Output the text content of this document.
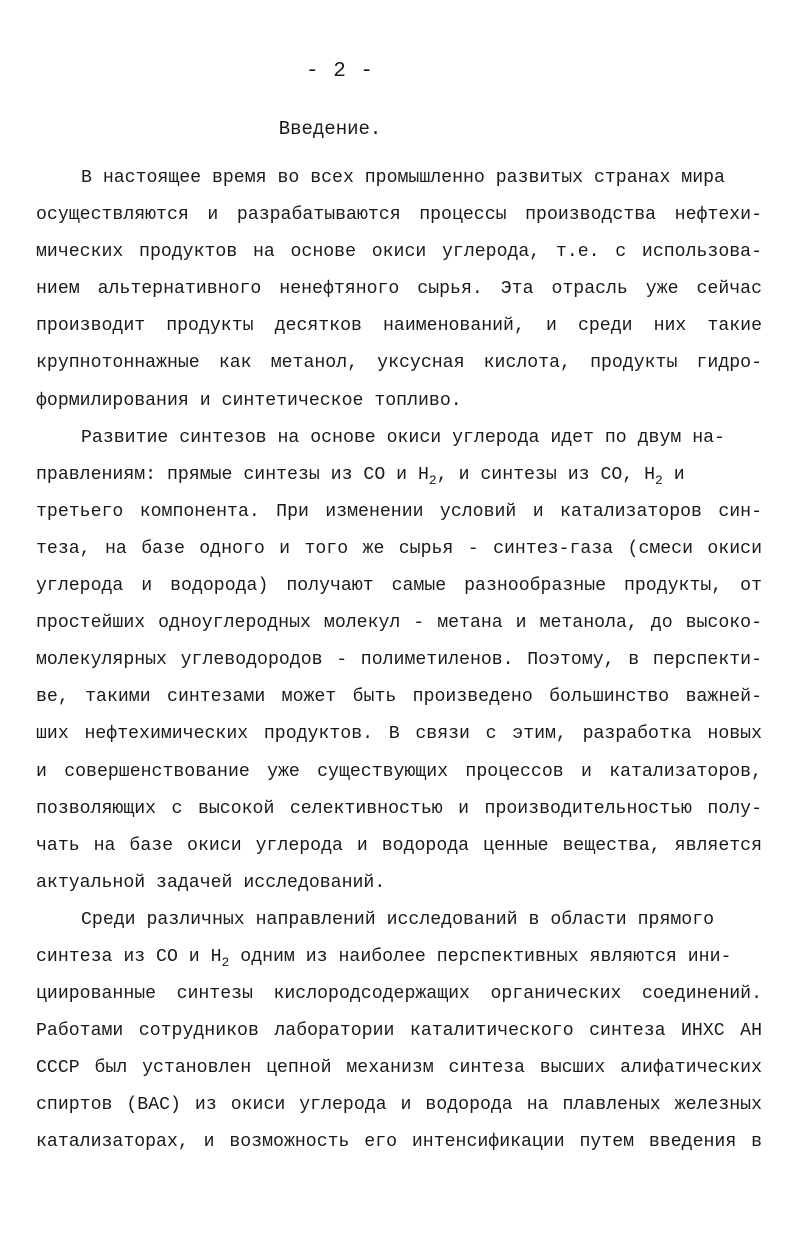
- 2 -
Введение.
В настоящее время во всех промышленно развитых странах мира
осуществляются и разрабатываются процессы производства нефтехи-
мических продуктов на основе окиси углерода, т.е. с использова-
нием альтернативного ненефтяного сырья. Эта отрасль уже сейчас
производит продукты десятков наименований, и среди них такие
крупнотоннажные как метанол, уксусная кислота, продукты гидро-
формилирования и синтетическое топливо.
Развитие синтезов на основе окиси углерода идет по двум на-
правлениям: прямые синтезы из СО и $Н_2$, и синтезы из СО, $Н_2$ и
третьего компонента. При изменении условий и катализаторов син-
теза, на базе одного и того же сырья - синтез-газа (смеси окиси
углерода и водорода) получают самые разнообразные продукты, от
простейших одноуглеродных молекул - метана и метанола, до высоко-
молекулярных углеводородов - полиметиленов. Поэтому, в перспекти-
ве, такими синтезами может быть произведено большинство важней-
ших нефтехимических продуктов. В связи с этим, разработка новых
и совершенствование уже существующих процессов и катализаторов,
позволяющих с высокой селективностью и производительностью полу-
чать на базе окиси углерода и водорода ценные вещества, является
актуальной задачей исследований.
Среди различных направлений исследований в области прямого
синтеза из СО и $Н_2$ одним из наиболее перспективных являются ини-
циированные синтезы кислородсодержащих органических соединений.
Работами сотрудников лаборатории каталитического синтеза ИНХС АН
СССР был установлен цепной механизм синтеза высших алифатических
спиртов (ВАС) из окиси углерода и водорода на плавленых железных
катализаторах, и возможность его интенсификации путем введения в
